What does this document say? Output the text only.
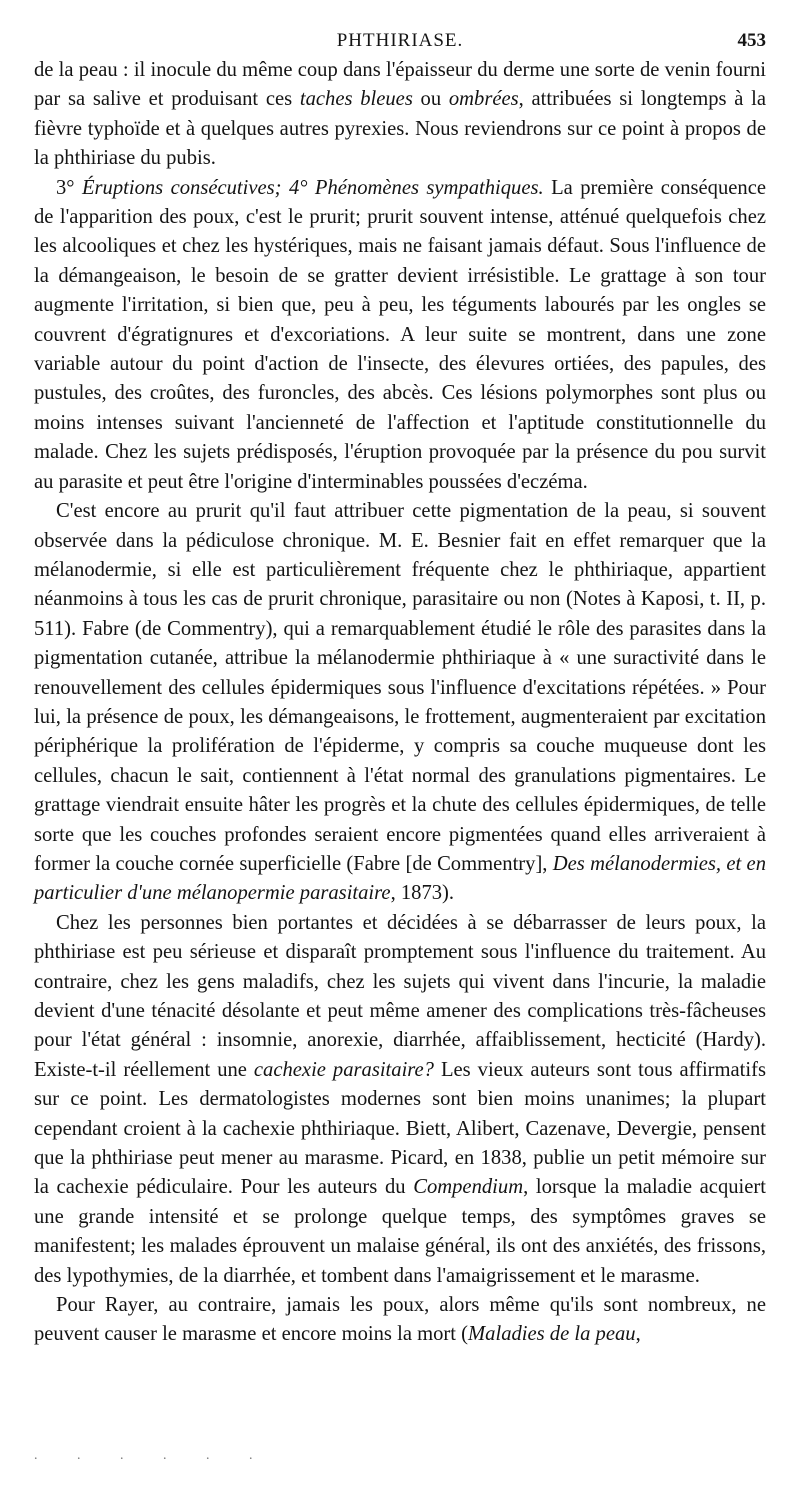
PHTHIRIASE.	453

de la peau : il inocule du même coup dans l'épaisseur du derme une sorte de venin fourni par sa salive et produisant ces taches bleues ou ombrées, attribuées si longtemps à la fièvre typhoïde et à quelques autres pyrexies. Nous reviendrons sur ce point à propos de la phthiriase du pubis.

3° Éruptions consécutives; 4° Phénomènes sympathiques. La première conséquence de l'apparition des poux, c'est le prurit; prurit souvent intense, atténué quelquefois chez les alcooliques et chez les hystériques, mais ne faisant jamais défaut. Sous l'influence de la démangeaison, le besoin de se gratter devient irrésistible. Le grattage à son tour augmente l'irritation, si bien que, peu à peu, les téguments labourés par les ongles se couvrent d'égratignures et d'excoriations. A leur suite se montrent, dans une zone variable autour du point d'action de l'insecte, des élevures ortiées, des papules, des pustules, des croûtes, des furoncles, des abcès. Ces lésions polymorphes sont plus ou moins intenses suivant l'ancienneté de l'affection et l'aptitude constitutionnelle du malade. Chez les sujets prédisposés, l'éruption provoquée par la présence du pou survit au parasite et peut être l'origine d'interminables poussées d'eczéma.

C'est encore au prurit qu'il faut attribuer cette pigmentation de la peau, si souvent observée dans la pédiculose chronique. M. E. Besnier fait en effet remarquer que la mélanodermie, si elle est particulièrement fréquente chez le phthiriaque, appartient néanmoins à tous les cas de prurit chronique, parasitaire ou non (Notes à Kaposi, t. II, p. 511). Fabre (de Commentry), qui a remarquablement étudié le rôle des parasites dans la pigmentation cutanée, attribue la mélanodermie phthiriaque à « une suractivité dans le renouvellement des cellules épidermiques sous l'influence d'excitations répétées. » Pour lui, la présence de poux, les démangeaisons, le frottement, augmenteraient par excitation périphérique la prolifération de l'épiderme, y compris sa couche muqueuse dont les cellules, chacun le sait, contiennent à l'état normal des granulations pigmentaires. Le grattage viendrait ensuite hâter les progrès et la chute des cellules épidermiques, de telle sorte que les couches profondes seraient encore pigmentées quand elles arriveraient à former la couche cornée superficielle (Fabre [de Commentry], Des mélanodermies, et en particulier d'une mélanopermie parasitaire, 1873).

Chez les personnes bien portantes et décidées à se débarrasser de leurs poux, la phthiriase est peu sérieuse et disparaît promptement sous l'influence du traitement. Au contraire, chez les gens maladifs, chez les sujets qui vivent dans l'incurie, la maladie devient d'une ténacité désolante et peut même amener des complications très-fâcheuses pour l'état général : insomnie, anorexie, diarrhée, affaiblissement, hecticité (Hardy). Existe-t-il réellement une cachexie parasitaire? Les vieux auteurs sont tous affirmatifs sur ce point. Les dermatologistes modernes sont bien moins unanimes; la plupart cependant croient à la cachexie phthiriaque. Biett, Alibert, Cazenave, Devergie, pensent que la phthiriase peut mener au marasme. Picard, en 1838, publie un petit mémoire sur la cachexie pédiculaire. Pour les auteurs du Compendium, lorsque la maladie acquiert une grande intensité et se prolonge quelque temps, des symptômes graves se manifestent; les malades éprouvent un malaise général, ils ont des anxiétés, des frissons, des lypothymies, de la diarrhée, et tombent dans l'amaigrissement et le marasme.

Pour Rayer, au contraire, jamais les poux, alors même qu'ils sont nombreux, ne peuvent causer le marasme et encore moins la mort (Maladies de la peau,

. . . . . .
